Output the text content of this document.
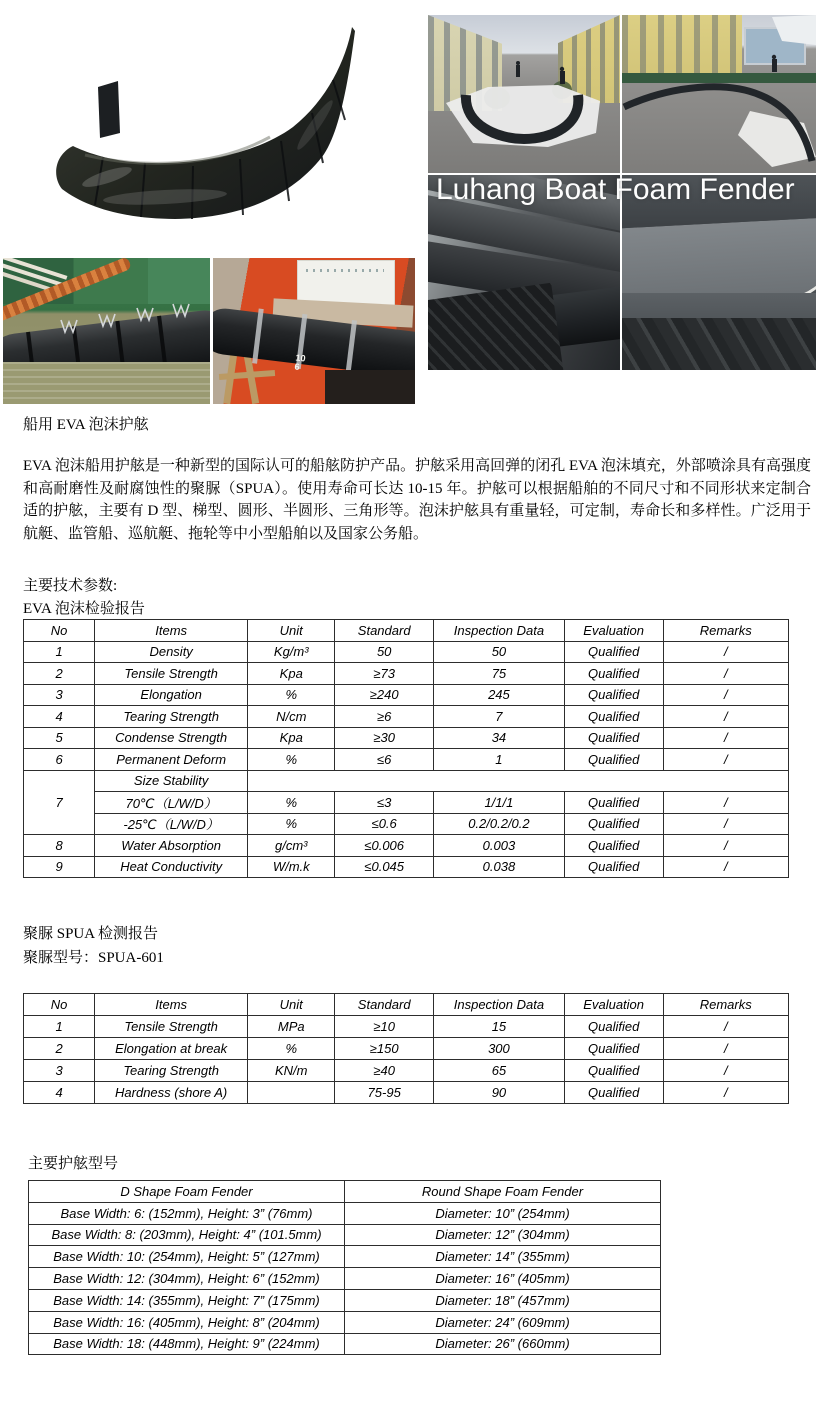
Luhang Boat Foam Fender
10
6
船用 EVA 泡沫护舷
EVA 泡沫船用护舷是一种新型的国际认可的船舷防护产品。护舷采用高回弹的闭孔 EVA 泡沫填充，外部喷涂具有高强度和高耐磨性及耐腐蚀性的聚脲（SPUA）。使用寿命可长达 10-15 年。护舷可以根据船舶的不同尺寸和不同形状来定制合适的护舷，主要有 D 型、梯型、圆形、半圆形、三角形等。泡沫护舷具有重量轻，可定制，寿命长和多样性。广泛用于航艇、监管船、巡航艇、拖轮等中小型船舶以及国家公务船。
主要技术参数:
EVA 泡沫检验报告
聚脲 SPUA 检测报告
聚脲型号：SPUA-601
主要护舷型号
No	Items	Unit	Standard	Inspection Data	Evaluation	Remarks
1	Density	Kg/m³	50	50	Qualified	/
2	Tensile Strength	Kpa	≥73	75	Qualified	/
3	Elongation	%	≥240	245	Qualified	/
4	Tearing Strength	N/cm	≥6	7	Qualified	/
5	Condense Strength	Kpa	≥30	34	Qualified	/
6	Permanent Deform	%	≤6	1	Qualified	/
7	Size Stability					
	70℃（L/W/D）	%	≤3	1/1/1	Qualified	/
	-25℃（L/W/D）	%	≤0.6	0.2/0.2/0.2	Qualified	/
8	Water Absorption	g/cm³	≤0.006	0.003	Qualified	/
9	Heat Conductivity	W/m.k	≤0.045	0.038	Qualified	/
No	Items	Unit	Standard	Inspection Data	Evaluation	Remarks
1	Tensile Strength	MPa	≥10	15	Qualified	/
2	Elongation at break	%	≥150	300	Qualified	/
3	Tearing Strength	KN/m	≥40	65	Qualified	/
4	Hardness (shore A)		75-95	90	Qualified	/
D Shape Foam Fender	Round Shape Foam Fender
Base Width: 6: (152mm), Height: 3” (76mm)	Diameter: 10” (254mm)
Base Width: 8: (203mm), Height: 4” (101.5mm)	Diameter: 12” (304mm)
Base Width: 10: (254mm), Height: 5” (127mm)	Diameter: 14” (355mm)
Base Width: 12: (304mm), Height: 6” (152mm)	Diameter: 16” (405mm)
Base Width: 14: (355mm), Height: 7” (175mm)	Diameter: 18” (457mm)
Base Width: 16: (405mm), Height: 8” (204mm)	Diameter: 24” (609mm)
Base Width: 18: (448mm), Height: 9” (224mm)	Diameter: 26” (660mm)
